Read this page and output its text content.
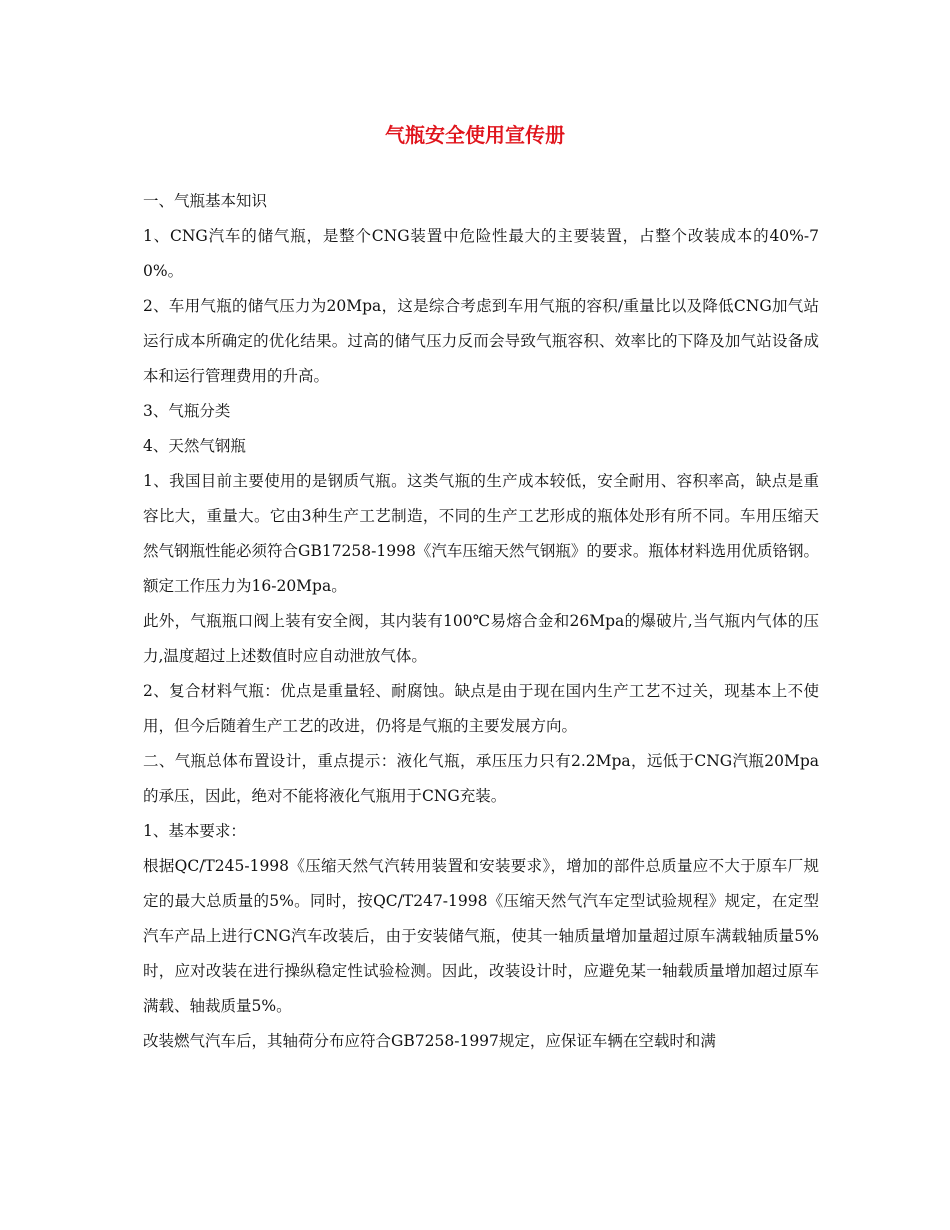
气瓶安全使用宣传册

一、气瓶基本知识

1、CNG汽车的储气瓶，是整个CNG装置中危险性最大的主要装置，占整个改装成本的40%-70%。

2、车用气瓶的储气压力为20Mpa，这是综合考虑到车用气瓶的容积/重量比以及降低CNG加气站运行成本所确定的优化结果。过高的储气压力反而会导致气瓶容积、效率比的下降及加气站设备成本和运行管理费用的升高。

3、气瓶分类

4、天然气钢瓶

1、我国目前主要使用的是钢质气瓶。这类气瓶的生产成本较低，安全耐用、容积率高，缺点是重容比大，重量大。它由3种生产工艺制造，不同的生产工艺形成的瓶体处形有所不同。车用压缩天然气钢瓶性能必须符合GB17258-1998《汽车压缩天然气钢瓶》的要求。瓶体材料选用优质铬钢。额定工作压力为16-20Mpa。

此外，气瓶瓶口阀上装有安全阀，其内装有100℃易熔合金和26Mpa的爆破片,当气瓶内气体的压力,温度超过上述数值时应自动泄放气体。

2、复合材料气瓶：优点是重量轻、耐腐蚀。缺点是由于现在国内生产工艺不过关，现基本上不使用，但今后随着生产工艺的改进，仍将是气瓶的主要发展方向。

二、气瓶总体布置设计，重点提示：液化气瓶，承压压力只有2.2Mpa，远低于CNG汽瓶20Mpa的承压，因此，绝对不能将液化气瓶用于CNG充装。

1、基本要求：

根据QC/T245-1998《压缩天然气汽转用装置和安装要求》，增加的部件总质量应不大于原车厂规定的最大总质量的5%。同时，按QC/T247-1998《压缩天然气汽车定型试验规程》规定，在定型汽车产品上进行CNG汽车改装后，由于安装储气瓶，使其一轴质量增加量超过原车满载轴质量5%时，应对改装在进行操纵稳定性试验检测。因此，改装设计时，应避免某一轴载质量增加超过原车满载、轴裁质量5%。

改装燃气汽车后，其轴荷分布应符合GB7258-1997规定，应保证车辆在空载时和满
